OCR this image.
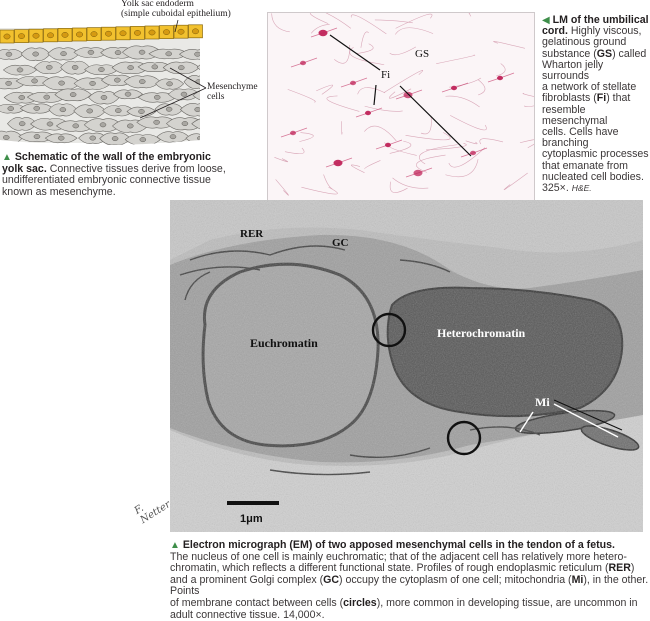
Yolk sac endoderm
(simple cuboidal epithelium)
Mesenchyme
cells
▲ Schematic of the wall of the embryonic
yolk sac. Connective tissues derive from loose,
undifferentiated embryonic connective tissue
known as mesenchyme.
GS
Fi
◀ LM of the umbilical
cord. Highly viscous,
gelatinous ground
substance (GS) called
Wharton jelly surrounds
a network of stellate
fibroblasts (Fi) that
resemble mesenchymal
cells. Cells have branching
cytoplasmic processes
that emanate from
nucleated cell bodies.
325×. H&E.
RER
GC
Euchromatin
Heterochromatin
Mi
1μm
F. Netter
▲ Electron micrograph (EM) of two apposed mesenchymal cells in the tendon of a fetus.
The nucleus of one cell is mainly euchromatic; that of the adjacent cell has relatively more hetero-
chromatin, which reflects a different functional state. Profiles of rough endoplasmic reticulum (RER)
and a prominent Golgi complex (GC) occupy the cytoplasm of one cell; mitochondria (Mi), in the other. Points
of membrane contact between cells (circles), more common in developing tissue, are uncommon in
adult connective tissue. 14,000×.
